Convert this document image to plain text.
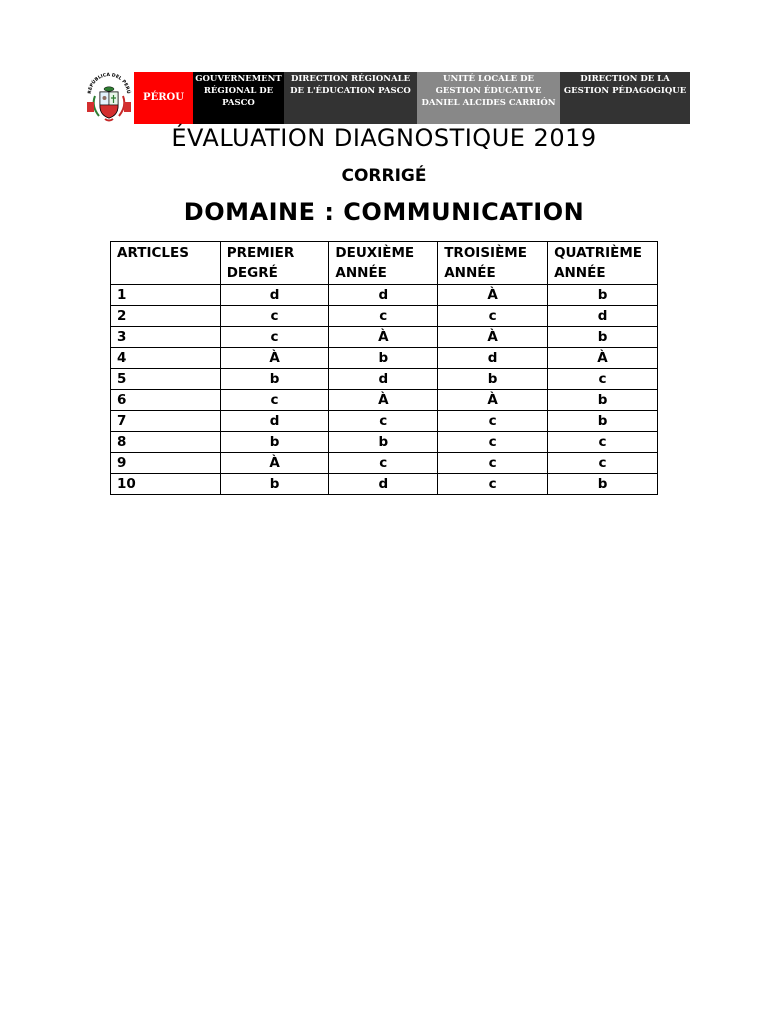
REPÚBLICA DEL PERÚ
PÉROU
GOUVERNEMENT RÉGIONAL DE PASCO
DIRECTION RÉGIONALE DE L'ÉDUCATION PASCO
UNITÉ LOCALE DE GESTION ÉDUCATIVE DANIEL ALCIDES CARRIÓN
DIRECTION DE LA GESTION PÉDAGOGIQUE
ÉVALUATION DIAGNOSTIQUE 2019
CORRIGÉ
DOMAINE : COMMUNICATION
ARTICLES	PREMIER DEGRÉ	DEUXIÈME ANNÉE	TROISIÈME ANNÉE	QUATRIÈME ANNÉE
1	d	d	À	b
2	c	c	c	d
3	c	À	À	b
4	À	b	d	À
5	b	d	b	c
6	c	À	À	b
7	d	c	c	b
8	b	b	c	c
9	À	c	c	c
10	b	d	c	b
